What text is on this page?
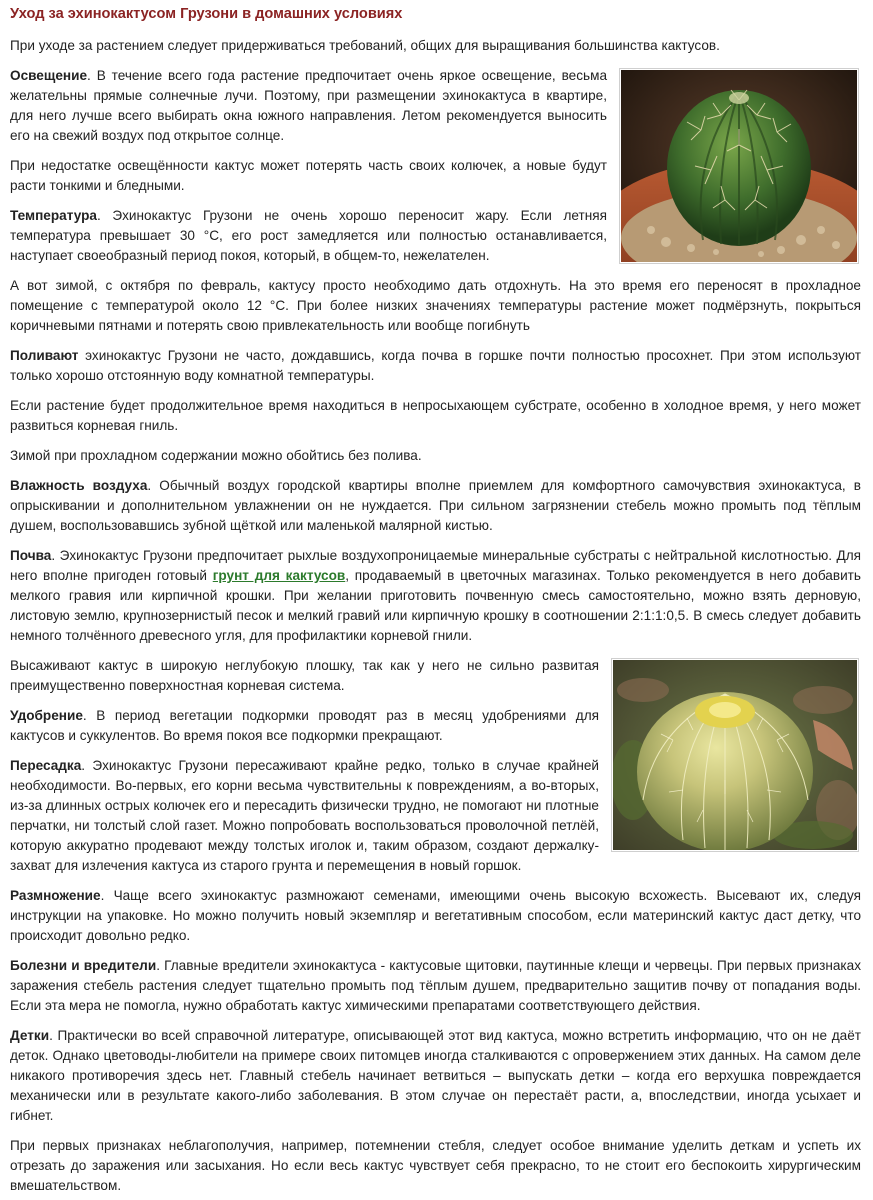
Уход за эхинокактусом Грузони в домашних условиях

При уходе за растением следует придерживаться требований, общих для выращивания большинства кактусов.

Освещение. В течение всего года растение предпочитает очень яркое освещение, весьма желательны прямые солнечные лучи. Поэтому, при размещении эхинокактуса в квартире, для него лучше всего выбирать окна южного направления. Летом рекомендуется выносить его на свежий воздух под открытое солнце.

При недостатке освещённости кактус может потерять часть своих колючек, а новые будут расти тонкими и бледными.

Температура. Эхинокактус Грузони не очень хорошо переносит жару. Если летняя температура превышает 30 °С, его рост замедляется или полностью останавливается, наступает своеобразный период покоя, который, в общем-то, нежелателен.

А вот зимой, с октября по февраль, кактусу просто необходимо дать отдохнуть. На это время его переносят в прохладное помещение с температурой около 12 °С. При более низких значениях температуры растение может подмёрзнуть, покрыться коричневыми пятнами и потерять свою привлекательность или вообще погибнуть

Поливают эхинокактус Грузони не часто, дождавшись, когда почва в горшке почти полностью просохнет. При этом используют только хорошо отстоянную воду комнатной температуры.

Если растение будет продолжительное время находиться в непросыхающем субстрате, особенно в холодное время, у него может развиться корневая гниль.

Зимой при прохладном содержании можно обойтись без полива.

Влажность воздуха. Обычный воздух городской квартиры вполне приемлем для комфортного самочувствия эхинокактуса, в опрыскивании и дополнительном увлажнении он не нуждается. При сильном загрязнении стебель можно промыть под тёплым душем, воспользовавшись зубной щёткой или маленькой малярной кистью.

Почва. Эхинокактус Грузони предпочитает рыхлые воздухопроницаемые минеральные субстраты с нейтральной кислотностью. Для него вполне пригоден готовый грунт для кактусов, продаваемый в цветочных магазинах. Только рекомендуется в него добавить мелкого гравия или кирпичной крошки. При желании приготовить почвенную смесь самостоятельно, можно взять дерновую, листовую землю, крупнозернистый песок и мелкий гравий или кирпичную крошку в соотношении 2:1:1:0,5. В смесь следует добавить немного толчённого древесного угля, для профилактики корневой гнили.

Высаживают кактус в широкую неглубокую плошку, так как у него не сильно развитая преимущественно поверхностная корневая система.

Удобрение. В период вегетации подкормки проводят раз в месяц удобрениями для кактусов и суккулентов. Во время покоя все подкормки прекращают.

Пересадка. Эхинокактус Грузони пересаживают крайне редко, только в случае крайней необходимости. Во-первых, его корни весьма чувствительны к повреждениям, а во-вторых, из-за длинных острых колючек его и пересадить физически трудно, не помогают ни плотные перчатки, ни толстый слой газет. Можно попробовать воспользоваться проволочной петлёй, которую аккуратно продевают между толстых иголок и, таким образом, создают держалку-захват для излечения кактуса из старого грунта и перемещения в новый горшок.

Размножение. Чаще всего эхинокактус размножают семенами, имеющими очень высокую всхожесть. Высевают их, следуя инструкции на упаковке. Но можно получить новый экземпляр и вегетативным способом, если материнский кактус даст детку, что происходит довольно редко.

Болезни и вредители. Главные вредители эхинокактуса - кактусовые щитовки, паутинные клещи и червецы. При первых признаках заражения стебель растения следует тщательно промыть под тёплым душем, предварительно защитив почву от попадания воды. Если эта мера не помогла, нужно обработать кактус химическими препаратами соответствующего действия.

Детки. Практически во всей справочной литературе, описывающей этот вид кактуса, можно встретить информацию, что он не даёт деток. Однако цветоводы-любители на примере своих питомцев иногда сталкиваются с опровержением этих данных. На самом деле никакого противоречия здесь нет. Главный стебель начинает ветвиться – выпускать детки – когда его верхушка повреждается механически или в результате какого-либо заболевания. В этом случае он перестаёт расти, а, впоследствии, иногда усыхает и гибнет.

При первых признаках неблагополучия, например, потемнении стебля, следует особое внимание уделить деткам и успеть их отрезать до заражения или засыхания. Но если весь кактус чувствует себя прекрасно, то не стоит его беспокоить хирургическим вмешательством.
